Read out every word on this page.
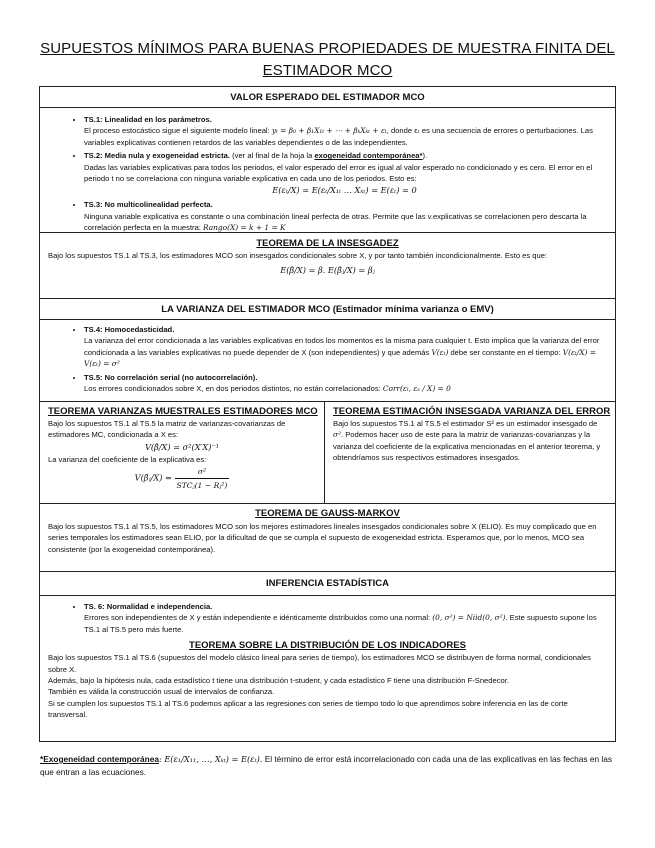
SUPUESTOS MÍNIMOS PARA BUENAS PROPIEDADES DE MUESTRA FINITA DEL ESTIMADOR MCO
VALOR ESPERADO DEL ESTIMADOR MCO
• TS.1: Linealidad en los parámetros.
El proceso estocástico sigue el siguiente modelo lineal: yₜ = β₀ + β₁X₁ₜ + ⋯ + βₖXₖₜ + εₜ, donde εₜ es una secuencia de errores o perturbaciones. Las variables explicativas contienen retardos de las variables dependientes o de las independientes.
• TS.2: Media nula y exogeneidad estricta. (ver al final de la hoja la exogeneidad contemporánea*).
Dadas las variables explicativas para todos los periodos, el valor esperado del error es igual al valor esperado no condicionado y es cero. El error en el periodo t no se correlaciona con ninguna variable explicativa en cada uno de los periodos. Esto es:
E(εₜ/X) = E(εₜ/X₁ₜ … Xₖₜ) = E(εₜ) = 0
• TS.3: No multicolinealidad perfecta.
Ninguna variable explicativa es constante o una combinación lineal perfecta de otras. Permite que las v.explicativas se correlacionen pero descarta la correlación perfecta en la muestra: Rango(X) = k + 1 = K
TEOREMA DE LA INSESGADEZ
Bajo los supuestos TS.1 al TS.3, los estimadores MCO son insesgados condicionales sobre X, y por tanto también incondicionalmente. Esto es que:
E(β̂/X) = β. E(β̂ⱼ/X) = βⱼ
LA VARIANZA DEL ESTIMADOR MCO (Estimador mínima varianza o EMV)
• TS.4: Homocedasticidad.
La varianza del error condicionada a las variables explicativas en todos los momentos es la misma para cualquier t. Esto implica que la varianza del error condicionada a las variables explicativas no puede depender de X (son independientes) y que además V(εₜ) debe ser constante en el tiempo: V(εₜ/X) = V(εₜ) = σ²
• TS.5: No correlación serial (no autocorrelación).
Los errores condicionados sobre X, en dos periodos distintos, no están correlacionados: Corr(εₜ, εₛ / X) = 0
TEOREMA VARIANZAS MUESTRALES ESTIMADORES MCO
Bajo los supuestos TS.1 al TS.5 la matriz de varianzas-covarianzas de estimadores MC, condicionada a X es:
V(β̂/X) = σ²(X′X)⁻¹
La varianza del coeficiente de la explicativa es:
V(β̂ⱼ/X) = $\frac{\text{σ²}}{\text{STCⱼ(1 − Rⱼ²)}}$
TEOREMA ESTIMACIÓN INSESGADA VARIANZA DEL ERROR
Bajo los supuestos TS.1 al TS.5 el estimador S² es un estimador insesgado de σ². Podemos hacer uso de este para la matriz de varianzas-covarianzas y la varianza del coeficiente de la explicativa mencionadas en el anterior teorema, y obtendríamos sus respectivos estimadores insesgados.
TEOREMA DE GAUSS-MARKOV
Bajo los supuestos TS.1 al TS.5, los estimadores MCO son los mejores estimadores lineales insesgados condicionales sobre X (ELIO). Es muy complicado que en series temporales los estimadores sean ELIO, por la dificultad de que se cumpla el supuesto de exogeneidad estricta. Esperamos que, por lo menos, MCO sea consistente (por la exogeneidad contemporánea).
INFERENCIA ESTADÍSTICA
• TS. 6: Normalidad e independencia.
Errores son independientes de X y están independiente e idénticamente distribuidos como una normal: (0, σ²) = Niid(0, σ²). Este supuesto supone los TS.1 al TS.5 pero más fuerte.
TEOREMA SOBRE LA DISTRIBUCIÓN DE LOS INDICADORES
Bajo los supuestos TS.1 al TS.6 (supuestos del modelo clásico lineal para series de tiempo), los estimadores MCO se distribuyen de forma normal, condicionales sobre X.
Además, bajo la hipótesis nula, cada estadístico t tiene una distribución t-student, y cada estadístico F tiene una distribución F-Snedecor.
También es válida la construcción usual de intervalos de confianza.
Si se cumplen los supuestos TS.1 al TS.6 podemos aplicar a las regresiones con series de tiempo todo lo que aprendimos sobre inferencia en las de corte transversal.
*Exogeneidad contemporánea: E(ε₁/X₁₁, …, Xₖₜ) = E(εₜ). El término de error está incorrelacionado con cada una de las explicativas en las fechas en las que entran a las ecuaciones.
